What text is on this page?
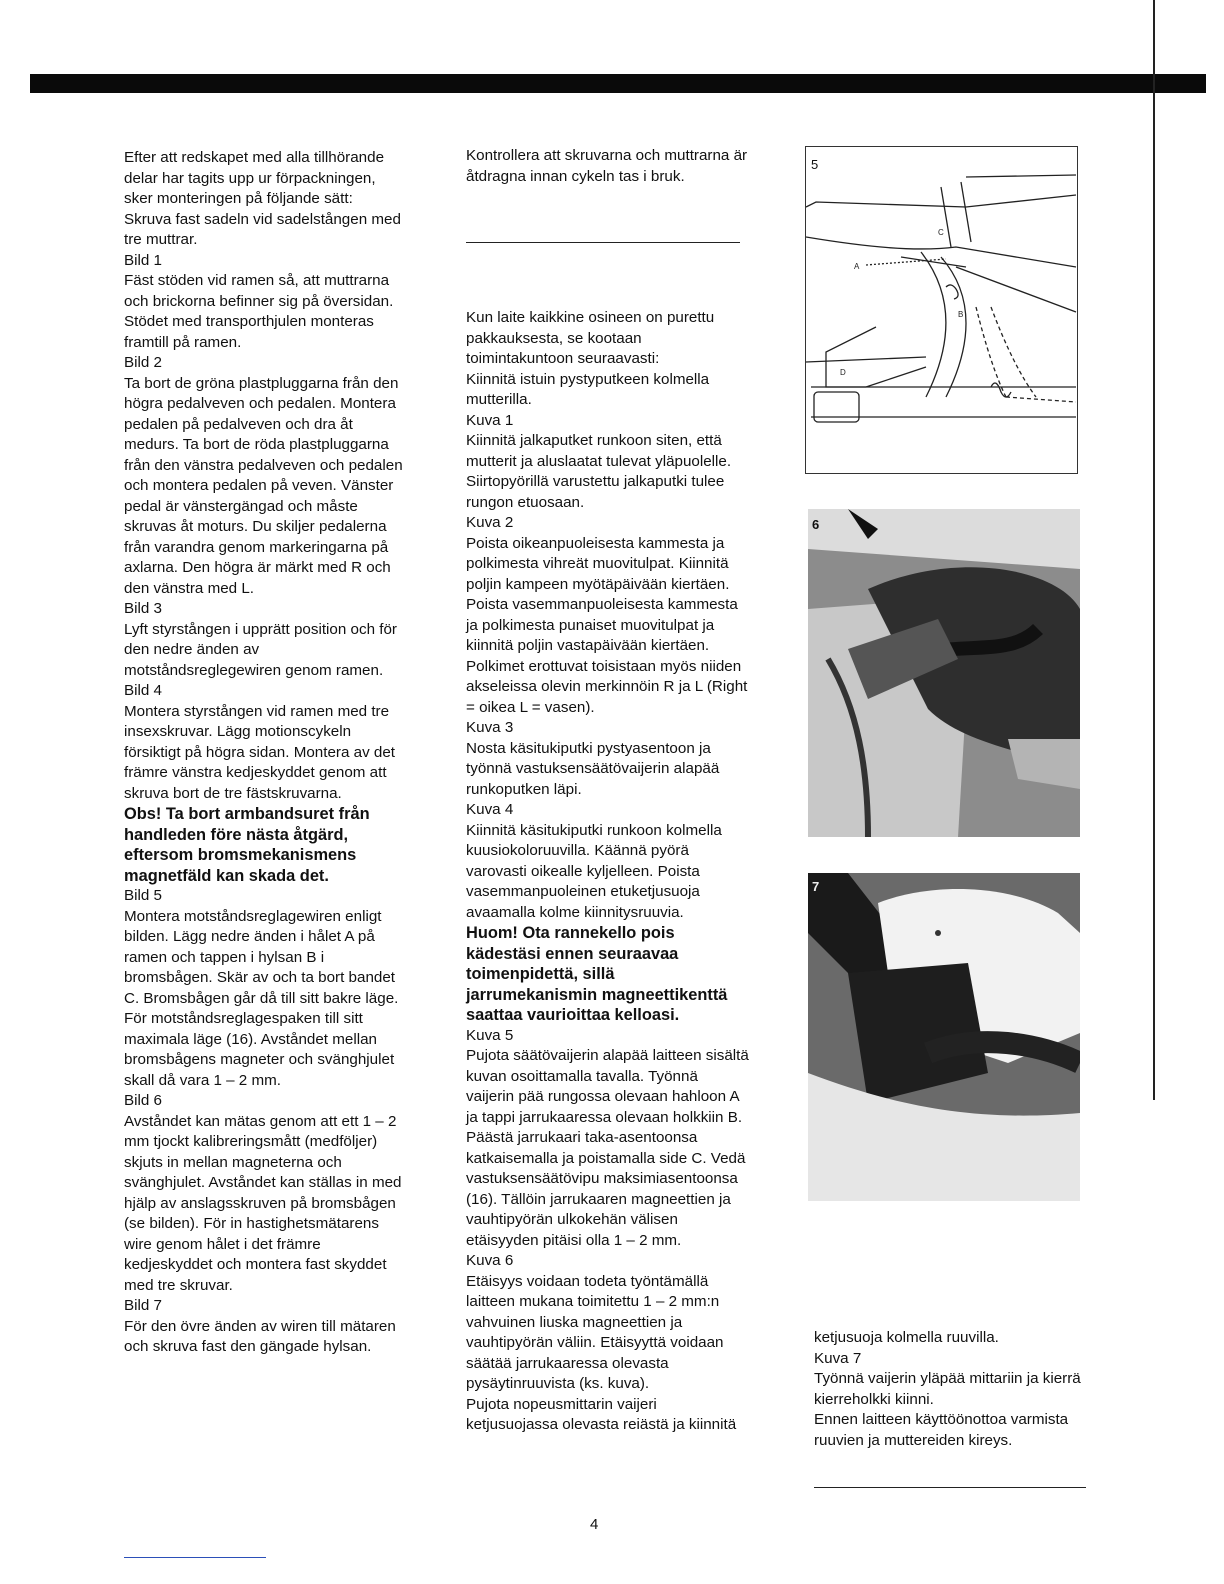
Efter att redskapet med alla tillhörande delar har tagits upp ur förpackningen, sker monteringen på följande sätt:

Skruva fast sadeln vid sadelstången med tre muttrar.

Bild 1

Fäst stöden vid ramen så, att muttrarna och brickorna befinner sig på översidan. Stödet med transporthjulen monteras framtill på ramen.

Bild 2

Ta bort de gröna plastpluggarna från den högra pedalveven och pedalen. Montera pedalen på pedalveven och dra åt medurs. Ta bort de röda plastpluggarna från den vänstra pedalveven och pedalen och montera pedalen på veven. Vänster pedal är vänstergängad och måste skruvas åt moturs. Du skiljer pedalerna från varandra genom markeringarna på axlarna. Den högra är märkt med R och den vänstra med L.

Bild 3

Lyft styrstången i upprätt position och för den nedre änden av motståndsreglegewiren genom ramen.

Bild 4

Montera styrstången vid ramen med tre insexskruvar. Lägg motionscykeln försiktigt på högra sidan. Montera av det främre vänstra kedjeskyddet genom att skruva bort de tre fästskruvarna.

Obs! Ta bort armbandsuret från handleden före nästa åtgärd, eftersom bromsmekanismens magnetfäld kan skada det.

Bild 5

Montera motståndsreglagewiren enligt bilden. Lägg nedre änden i hålet A på ramen och tappen i hylsan B i bromsbågen. Skär av och ta bort bandet C. Bromsbågen går då till sitt bakre läge. För motståndsreglagespaken till sitt maximala läge (16). Avståndet mellan bromsbågens magneter och svänghjulet skall då vara 1 – 2 mm.

Bild 6

Avståndet kan mätas genom att ett 1 – 2 mm tjockt kalibreringsmått (medföljer) skjuts in mellan magneterna och svänghjulet. Avståndet kan ställas in med hjälp av anslagsskruven på bromsbågen (se bilden). För in hastighetsmätarens wire genom hålet i det främre kedjeskyddet och montera fast skyddet med tre skruvar.

Bild 7

För den övre änden av wiren till mätaren och skruva fast den gängade hylsan.

Kontrollera att skruvarna och muttrarna är åtdragna innan cykeln tas i bruk.

Kun laite kaikkine osineen on purettu pakkauksesta, se kootaan toimintakuntoon seuraavasti:

Kiinnitä istuin pystyputkeen kolmella mutterilla.

Kuva 1

Kiinnitä jalkaputket runkoon siten, että mutterit ja aluslaatat tulevat yläpuolelle. Siirtopyörillä varustettu jalkaputki tulee rungon etuosaan.

Kuva 2

Poista oikeanpuoleisesta kammesta ja polkimesta vihreät muovitulpat. Kiinnitä poljin kampeen myötäpäivään kiertäen. Poista vasemmanpuoleisesta kammesta ja polkimesta punaiset muovitulpat ja kiinnitä poljin vastapäivään kiertäen. Polkimet erottuvat toisistaan myös niiden akseleissa olevin merkinnöin R ja L (Right = oikea L = vasen).

Kuva 3

Nosta käsitukiputki pystyasentoon ja työnnä vastuksensäätövaijerin alapää runkoputken läpi.

Kuva 4

Kiinnitä käsitukiputki runkoon kolmella kuusiokoloruuvilla. Käännä pyörä varovasti oikealle kyljelleen. Poista vasemmanpuoleinen etuketjusuoja avaamalla kolme kiinnitysruuvia.

Huom! Ota rannekello pois kädestäsi ennen seuraavaa toimenpidettä, sillä jarrumekanismin magneettikenttä saattaa vaurioittaa kelloasi.

Kuva 5

Pujota säätövaijerin alapää laitteen sisältä kuvan osoittamalla tavalla. Työnnä vaijerin pää rungossa olevaan hahloon A ja tappi jarrukaaressa olevaan holkkiin B. Päästä jarrukaari taka-asentoonsa katkaisemalla ja poistamalla side C. Vedä vastuksensäätövipu maksimiasentoonsa (16). Tällöin jarrukaaren magneettien ja vauhtipyörän ulkokehän välisen etäisyyden pitäisi olla 1 – 2 mm.

Kuva 6

Etäisyys voidaan todeta työntämällä laitteen mukana toimitettu 1 – 2 mm:n vahvuinen liuska magneettien ja vauhtipyörän väliin. Etäisyyttä voidaan säätää jarrukaaressa olevasta pysäytinruuvista (ks. kuva).

Pujota nopeusmittarin vaijeri ketjusuojassa olevasta reiästä ja kiinnitä

5
A
B
C
D
6
7

ketjusuoja kolmella ruuvilla.

Kuva 7

Työnnä vaijerin yläpää mittariin ja kierrä kierreholkki kiinni.

Ennen laitteen käyttöönottoa varmista ruuvien ja muttereiden kireys.

4
